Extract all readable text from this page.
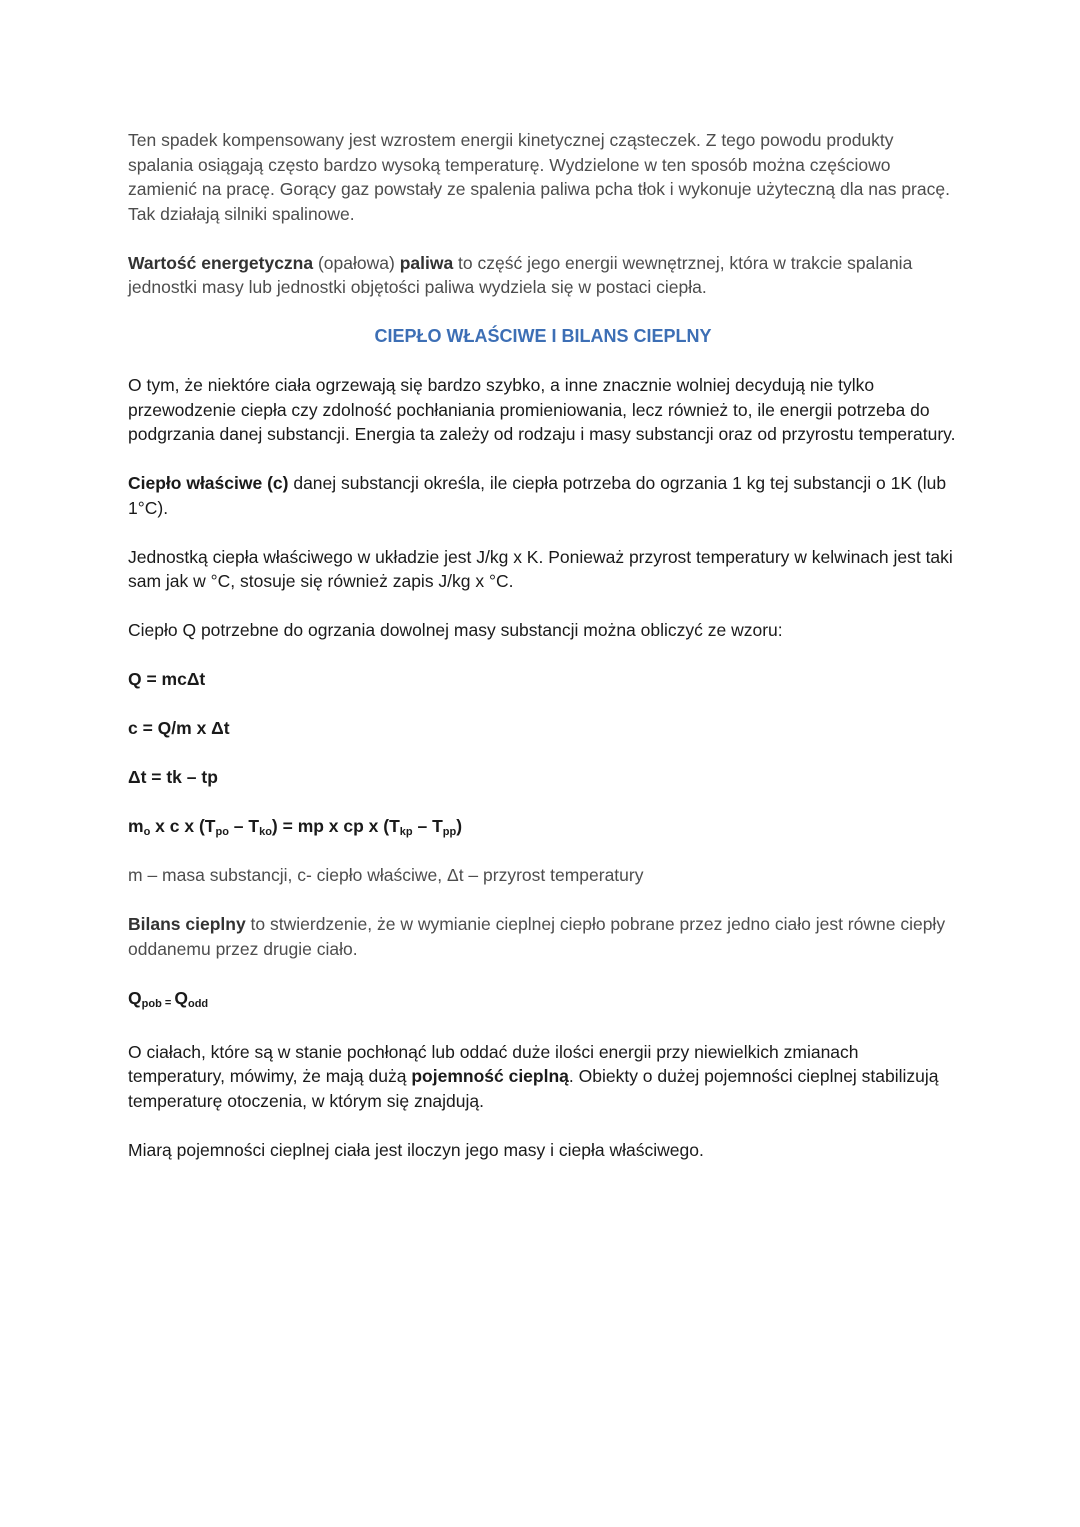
Ten spadek kompensowany jest wzrostem energii kinetycznej cząsteczek. Z tego powodu produkty spalania osiągają często bardzo wysoką temperaturę. Wydzielone w ten sposób można częściowo zamienić na pracę. Gorący gaz powstały ze spalenia paliwa pcha tłok i wykonuje użyteczną dla nas pracę. Tak działają silniki spalinowe.

Wartość energetyczna (opałowa) paliwa to część jego energii wewnętrznej, która w trakcie spalania jednostki masy lub jednostki objętości paliwa wydziela się w postaci ciepła.

CIEPŁO WŁAŚCIWE I BILANS CIEPLNY

O tym, że niektóre ciała ogrzewają się bardzo szybko, a inne znacznie wolniej decydują nie tylko przewodzenie ciepła czy zdolność pochłaniania promieniowania, lecz również to, ile energii potrzeba do podgrzania danej substancji. Energia ta zależy od rodzaju i masy substancji oraz od przyrostu temperatury.

Ciepło właściwe (c) danej substancji określa, ile ciepła potrzeba do ogrzania 1 kg tej substancji o 1K (lub 1°C).

Jednostką ciepła właściwego w układzie jest J/kg x K. Ponieważ przyrost temperatury w kelwinach jest taki sam jak w °C, stosuje się również zapis J/kg x °C.

Ciepło Q potrzebne do ogrzania dowolnej masy substancji można obliczyć ze wzoru:

Q = mcΔt

c = Q/m x Δt

Δt = tk – tp

$m_o$ x c x $(T_{po} - T_{ko})$ = mp x cp x $(T_{kp} - T_{pp})$

m – masa substancji, c- ciepło właściwe, Δt – przyrost temperatury

Bilans cieplny to stwierdzenie, że w wymianie cieplnej ciepło pobrane przez jedno ciało jest równe ciepły oddanemu przez drugie ciało.

$Q_{pob} = Q_{odd}$

O ciałach, które są w stanie pochłonąć lub oddać duże ilości energii przy niewielkich zmianach temperatury, mówimy, że mają dużą pojemność cieplną. Obiekty o dużej pojemności cieplnej stabilizują temperaturę otoczenia, w którym się znajdują.

Miarą pojemności cieplnej ciała jest iloczyn jego masy i ciepła właściwego.
